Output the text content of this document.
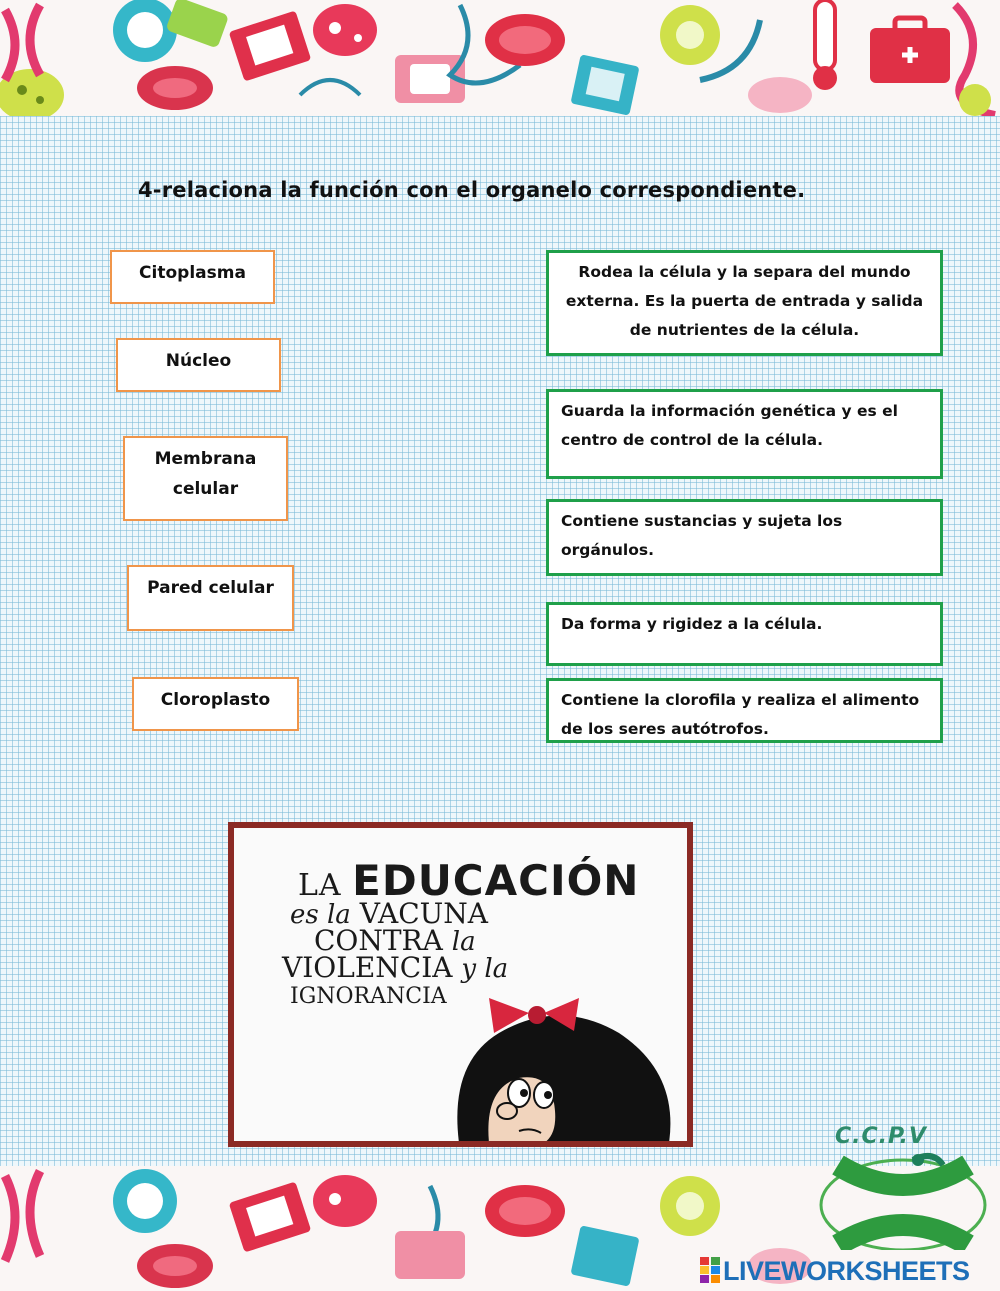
4-relaciona la función con el organelo correspondiente.
Citoplasma
Núcleo
Membrana celular
Pared celular
Cloroplasto
Rodea la célula y la separa del mundo externa. Es la puerta de entrada y salida de nutrientes de la célula.
Guarda la información genética y es el centro de control de la célula.
Contiene sustancias y sujeta los orgánulos.
Da forma y rigidez a la célula.
Contiene la clorofila y realiza el alimento de los seres autótrofos.
LA EDUCACIÓN
es la VACUNA
CONTRA la
VIOLENCIA y la
IGNORANCIA
C.C.P.V
LIVEWORKSHEETS
